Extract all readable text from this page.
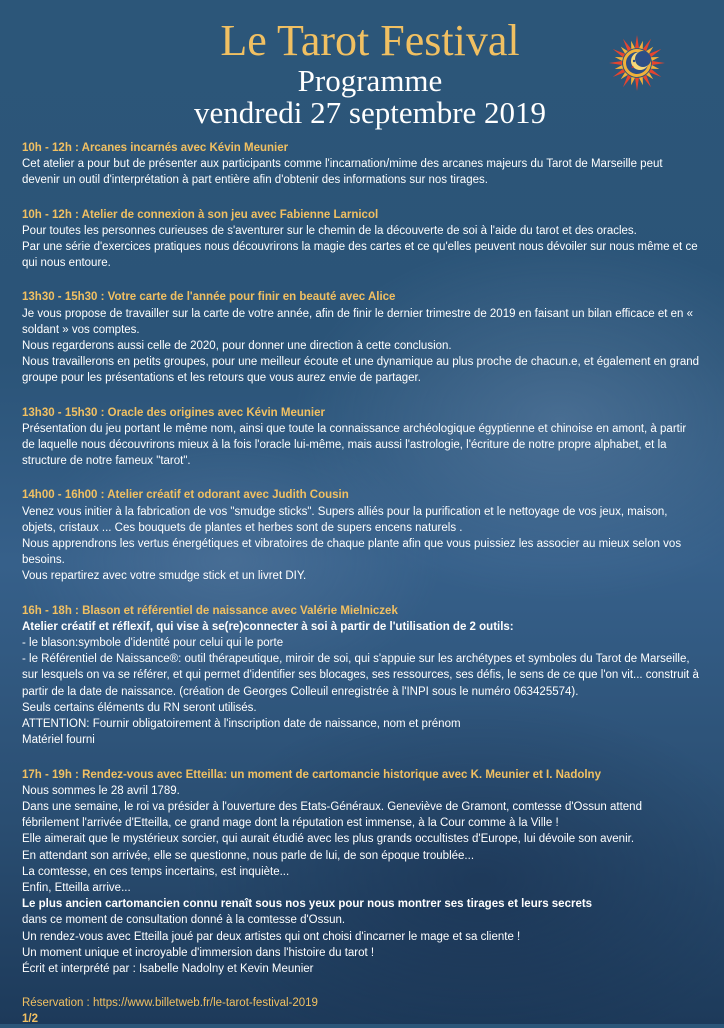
Le Tarot Festival
Programme
vendredi 27 septembre 2019
10h - 12h : Arcanes incarnés avec Kévin Meunier
Cet atelier a pour but de présenter aux participants comme l'incarnation/mime des arcanes majeurs du Tarot de Marseille peut devenir un outil d'interprétation à part entière afin d'obtenir des informations sur nos tirages.
10h - 12h : Atelier de connexion à son jeu avec Fabienne Larnicol
Pour toutes les personnes curieuses de s'aventurer sur le chemin de la découverte de soi à l'aide du tarot et des oracles.
Par une série d'exercices pratiques nous découvrirons la magie des cartes et ce qu'elles peuvent nous dévoiler sur nous même et ce qui nous entoure.
13h30 - 15h30 : Votre carte de l'année pour finir en beauté avec Alice
Je vous propose de travailler sur la carte de votre année, afin de finir le dernier trimestre de 2019 en faisant un bilan efficace et en « soldant » vos comptes.
Nous regarderons aussi celle de 2020, pour donner une direction à cette conclusion.
Nous travaillerons en petits groupes, pour une meilleur écoute et une dynamique au plus proche de chacun.e, et également en grand groupe pour les présentations et les retours que vous aurez envie de partager.
13h30 - 15h30 : Oracle des origines avec Kévin Meunier
Présentation du jeu portant le même nom, ainsi que toute la connaissance archéologique égyptienne et chinoise en amont, à partir de laquelle nous découvrirons mieux à la fois l'oracle lui-même, mais aussi l'astrologie, l'écriture de notre propre alphabet, et la structure de notre fameux "tarot".
14h00 - 16h00 : Atelier créatif et odorant avec Judith Cousin
Venez vous initier à la fabrication de vos "smudge sticks". Supers alliés pour la purification et le nettoyage de vos jeux, maison, objets, cristaux ... Ces bouquets de plantes et herbes sont de supers encens naturels .
Nous apprendrons les vertus énergétiques et vibratoires de chaque plante afin que vous puissiez les associer au mieux selon vos besoins.
Vous repartirez avec votre smudge stick et un livret DIY.
16h - 18h : Blason et référentiel de naissance avec Valérie Mielniczek
Atelier créatif et réflexif, qui vise à se(re)connecter à soi à partir de l'utilisation de 2 outils:
- le blason:symbole d'identité pour celui qui le porte
- le Référentiel de Naissance®: outil thérapeutique, miroir de soi, qui s'appuie sur les archétypes et symboles du Tarot de Marseille, sur lesquels on va se référer, et qui permet d'identifier ses blocages, ses ressources, ses défis, le sens de ce que l'on vit... construit à partir de la date de naissance. (création de Georges Colleuil enregistrée à l'INPI sous le numéro 063425574).
Seuls certains éléments du RN seront utilisés.
ATTENTION: Fournir obligatoirement à l'inscription date de naissance, nom et prénom
Matériel fourni
17h - 19h : Rendez-vous avec Etteilla: un moment de cartomancie historique avec K. Meunier et I. Nadolny
Nous sommes le 28 avril 1789.
Dans une semaine, le roi va présider à l'ouverture des Etats-Généraux. Geneviève de Gramont, comtesse d'Ossun attend fébrilement l'arrivée d'Etteilla, ce grand mage dont la réputation est immense, à la Cour comme à la Ville !
Elle aimerait que le mystérieux sorcier, qui aurait étudié avec les plus grands occultistes d'Europe, lui dévoile son avenir.
En attendant son arrivée, elle se questionne, nous parle de lui, de son époque troublée...
La comtesse, en ces temps incertains, est inquiète...
Enfin, Etteilla arrive...
Le plus ancien cartomancien connu renaît sous nos yeux pour nous montrer ses tirages et leurs secrets
dans ce moment de consultation donné à la comtesse d'Ossun.
Un rendez-vous avec Etteilla joué par deux artistes qui ont choisi d'incarner le mage et sa cliente !
Un moment unique et incroyable d'immersion dans l'histoire du tarot !
Écrit et interprété par : Isabelle Nadolny et Kevin Meunier
Réservation : https://www.billetweb.fr/le-tarot-festival-2019
1/2
